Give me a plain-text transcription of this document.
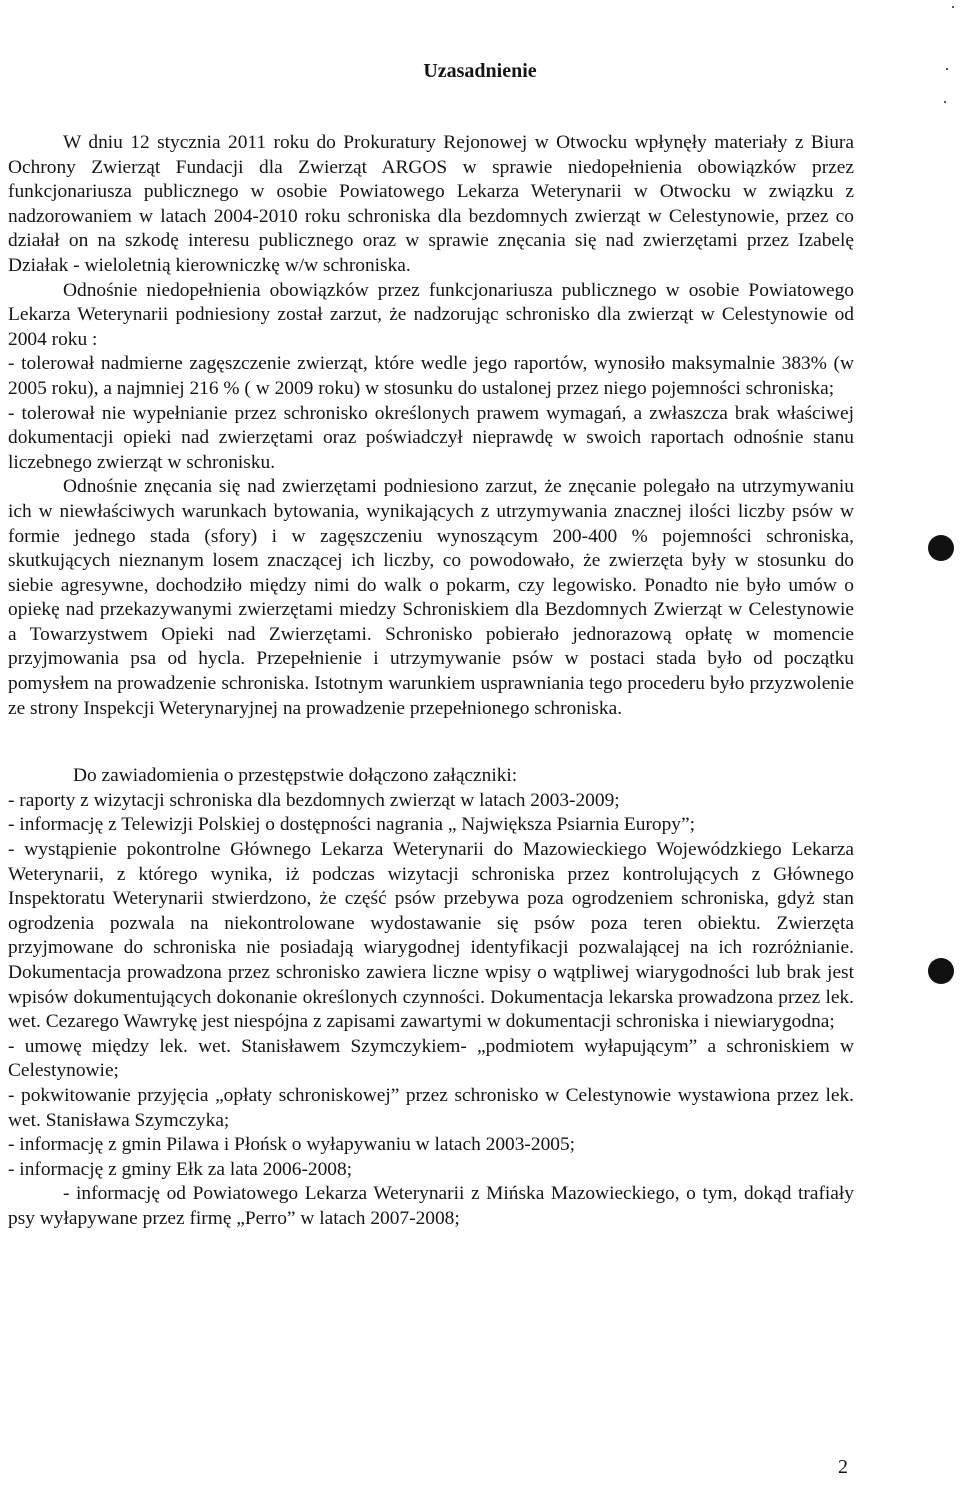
Uzasadnienie

W dniu 12 stycznia 2011 roku do Prokuratury Rejonowej w Otwocku wpłynęły materiały z Biura Ochrony Zwierząt Fundacji dla Zwierząt ARGOS w sprawie niedopełnienia obowiązków przez funkcjonariusza publicznego w osobie Powiatowego Lekarza Weterynarii w Otwocku w związku z nadzorowaniem w latach 2004-2010 roku schroniska dla bezdomnych zwierząt w Celestynowie, przez co działał on na szkodę interesu publicznego oraz w sprawie znęcania się nad zwierzętami przez Izabelę Działak - wieloletnią kierowniczkę w/w schroniska.

Odnośnie niedopełnienia obowiązków przez funkcjonariusza publicznego w osobie Powiatowego Lekarza Weterynarii podniesiony został zarzut, że nadzorując schronisko dla zwierząt w Celestynowie od 2004 roku :

- tolerował nadmierne zagęszczenie zwierząt, które wedle jego raportów, wynosiło maksymalnie 383% (w 2005 roku), a najmniej 216 % ( w 2009 roku) w stosunku do ustalonej przez niego pojemności schroniska;

- tolerował nie wypełnianie przez schronisko określonych prawem wymagań, a zwłaszcza brak właściwej dokumentacji opieki nad zwierzętami oraz poświadczył nieprawdę w swoich raportach odnośnie stanu liczebnego zwierząt w schronisku.

Odnośnie znęcania się nad zwierzętami podniesiono zarzut, że znęcanie polegało na utrzymywaniu ich w niewłaściwych warunkach bytowania, wynikających z utrzymywania znacznej ilości liczby psów w formie jednego stada (sfory) i w zagęszczeniu wynoszącym 200-400 % pojemności schroniska, skutkujących nieznanym losem znaczącej ich liczby, co powodowało, że zwierzęta były w stosunku do siebie agresywne, dochodziło między nimi do walk o pokarm, czy legowisko. Ponadto nie było umów o opiekę nad przekazywanymi zwierzętami miedzy Schroniskiem dla Bezdomnych Zwierząt w Celestynowie a Towarzystwem Opieki nad Zwierzętami. Schronisko pobierało jednorazową opłatę w momencie przyjmowania psa od hycla. Przepełnienie i utrzymywanie psów w postaci stada było od początku pomysłem na prowadzenie schroniska. Istotnym warunkiem usprawniania tego procederu było przyzwolenie ze strony Inspekcji Weterynaryjnej na prowadzenie przepełnionego schroniska.

Do zawiadomienia o przestępstwie dołączono załączniki:

- raporty z wizytacji schroniska dla bezdomnych zwierząt w latach 2003-2009;

- informację z Telewizji Polskiej o dostępności nagrania „ Największa Psiarnia Europy”;

- wystąpienie pokontrolne Głównego Lekarza Weterynarii do Mazowieckiego Wojewódzkiego Lekarza Weterynarii, z którego wynika, iż podczas wizytacji schroniska przez kontrolujących z Głównego Inspektoratu Weterynarii stwierdzono, że część psów przebywa poza ogrodzeniem schroniska, gdyż stan ogrodzenia pozwala na niekontrolowane wydostawanie się psów poza teren obiektu. Zwierzęta przyjmowane do schroniska nie posiadają wiarygodnej identyfikacji pozwalającej na ich rozróżnianie. Dokumentacja prowadzona przez schronisko zawiera liczne wpisy o wątpliwej wiarygodności lub brak jest wpisów dokumentujących dokonanie określonych czynności. Dokumentacja lekarska prowadzona przez lek. wet. Cezarego Wawrykę jest niespójna z zapisami zawartymi w dokumentacji schroniska i niewiarygodna;

- umowę między lek. wet. Stanisławem Szymczykiem- „podmiotem wyłapującym” a schroniskiem w Celestynowie;

- pokwitowanie przyjęcia „opłaty schroniskowej” przez schronisko w Celestynowie wystawiona przez lek. wet. Stanisława Szymczyka;

- informację z gmin Pilawa i Płońsk o wyłapywaniu w latach 2003-2005;

- informację z gminy Ełk za lata 2006-2008;

- informację od Powiatowego Lekarza Weterynarii z Mińska Mazowieckiego, o tym, dokąd trafiały psy wyłapywane przez firmę „Perro” w latach 2007-2008;

2
